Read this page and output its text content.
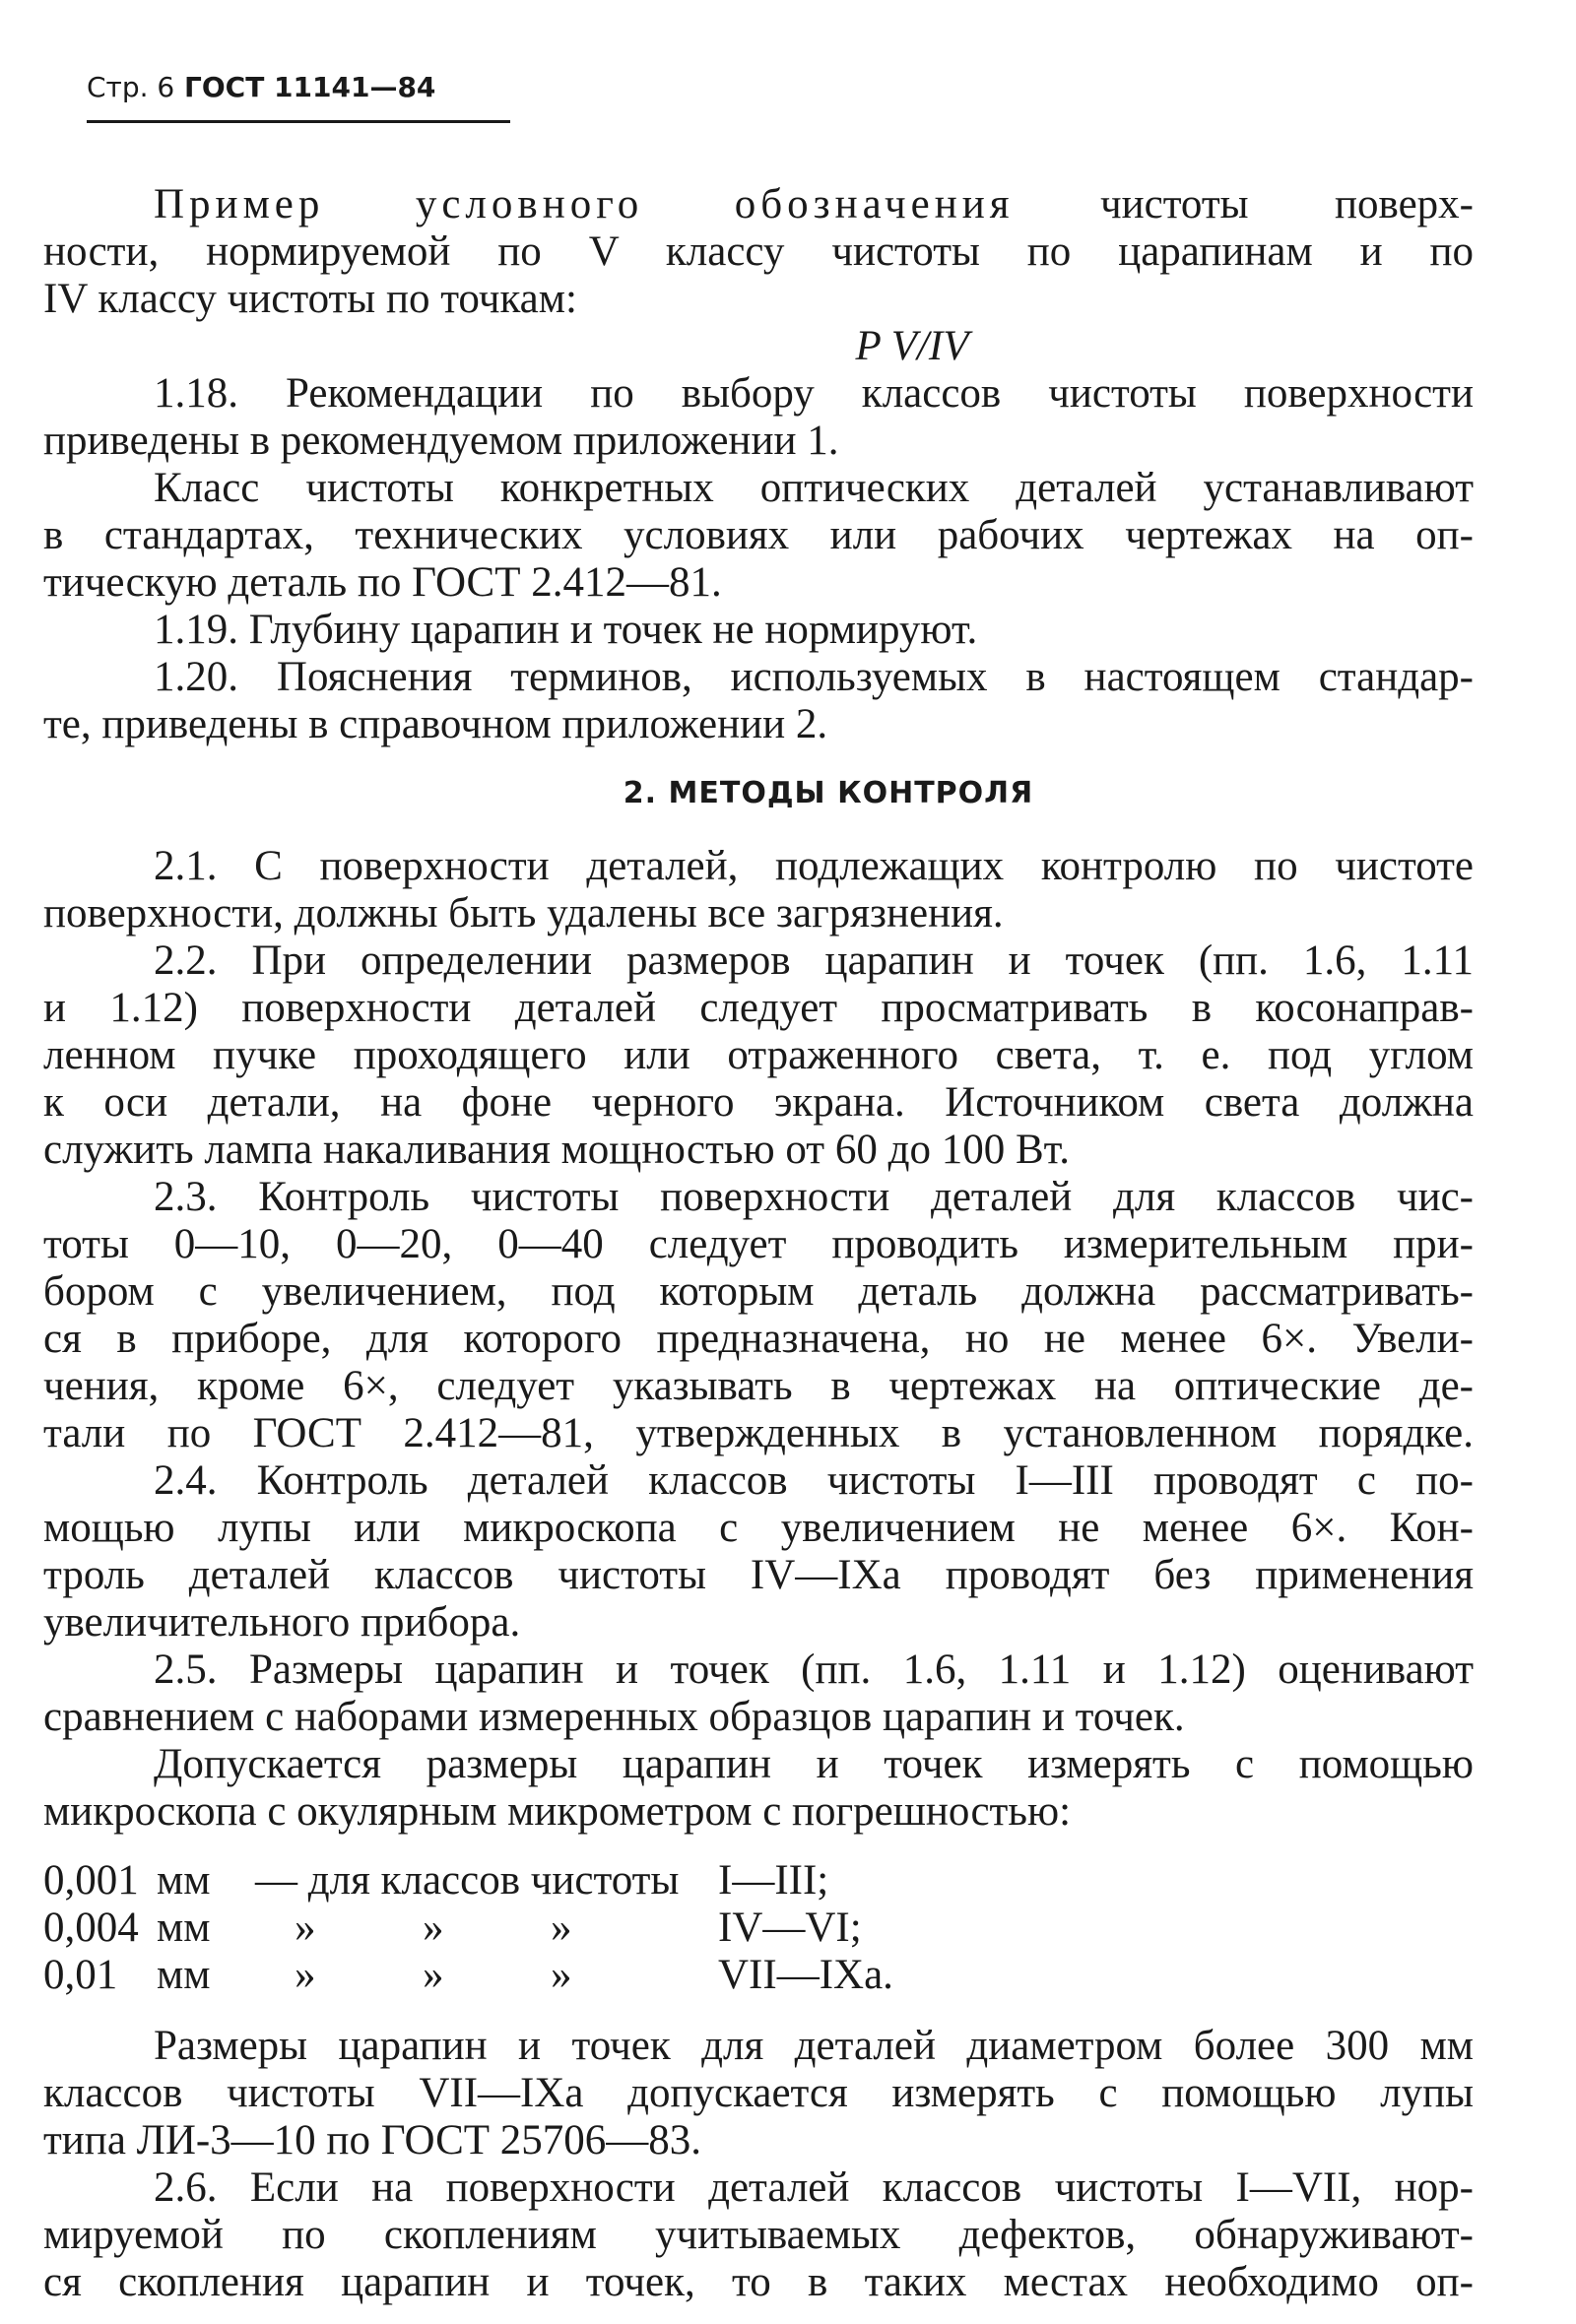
Стр. 6 ГОСТ 11141—84

Пример условного обозначения чистоты поверх-
ности, нормируемой по V классу чистоты по царапинам и по
IV классу чистоты по точкам:

P V/IV

1.18. Рекомендации по выбору классов чистоты поверхности
приведены в рекомендуемом приложении 1.

Класс чистоты конкретных оптических деталей устанавливают
в стандартах, технических условиях или рабочих чертежах на оп-
тическую деталь по ГОСТ 2.412—81.

1.19. Глубину царапин и точек не нормируют.

1.20. Пояснения терминов, используемых в настоящем стандар-
те, приведены в справочном приложении 2.

2. МЕТОДЫ КОНТРОЛЯ

2.1. С поверхности деталей, подлежащих контролю по чистоте
поверхности, должны быть удалены все загрязнения.

2.2. При определении размеров царапин и точек (пп. 1.6, 1.11
и 1.12) поверхности деталей следует просматривать в косонаправ-
ленном пучке проходящего или отраженного света, т. е. под углом
к оси детали, на фоне черного экрана. Источником света должна
служить лампа накаливания мощностью от 60 до 100 Вт.

2.3. Контроль чистоты поверхности деталей для классов чис-
тоты 0—10, 0—20, 0—40 следует проводить измерительным при-
бором с увеличением, под которым деталь должна рассматривать-
ся в приборе, для которого предназначена, но не менее 6×. Увели-
чения, кроме 6×, следует указывать в чертежах на оптические де-
тали по ГОСТ 2.412—81, утвержденных в установленном порядке.

2.4. Контроль деталей классов чистоты I—III проводят с по-
мощью лупы или микроскопа с увеличением не менее 6×. Кон-
троль деталей классов чистоты IV—IXa проводят без применения
увеличительного прибора.

2.5. Размеры царапин и точек (пп. 1.6, 1.11 и 1.12) оценивают
сравнением с наборами измеренных образцов царапин и точек.

Допускается размеры царапин и точек измерять с помощью
микроскопа с окулярным микрометром с погрешностью:

0,001 мм	— для классов чистоты I—III;
0,004 мм	»	»	»	IV—VI;
0,01 мм	»	»	»	VII—IXa.

Размеры царапин и точек для деталей диаметром более 300 мм
классов чистоты VII—IXa допускается измерять с помощью лупы
типа ЛИ-3—10 по ГОСТ 25706—83.

2.6. Если на поверхности деталей классов чистоты I—VII, нор-
мируемой по скоплениям учитываемых дефектов, обнаруживают-
ся скопления царапин и точек, то в таких местах необходимо оп-
